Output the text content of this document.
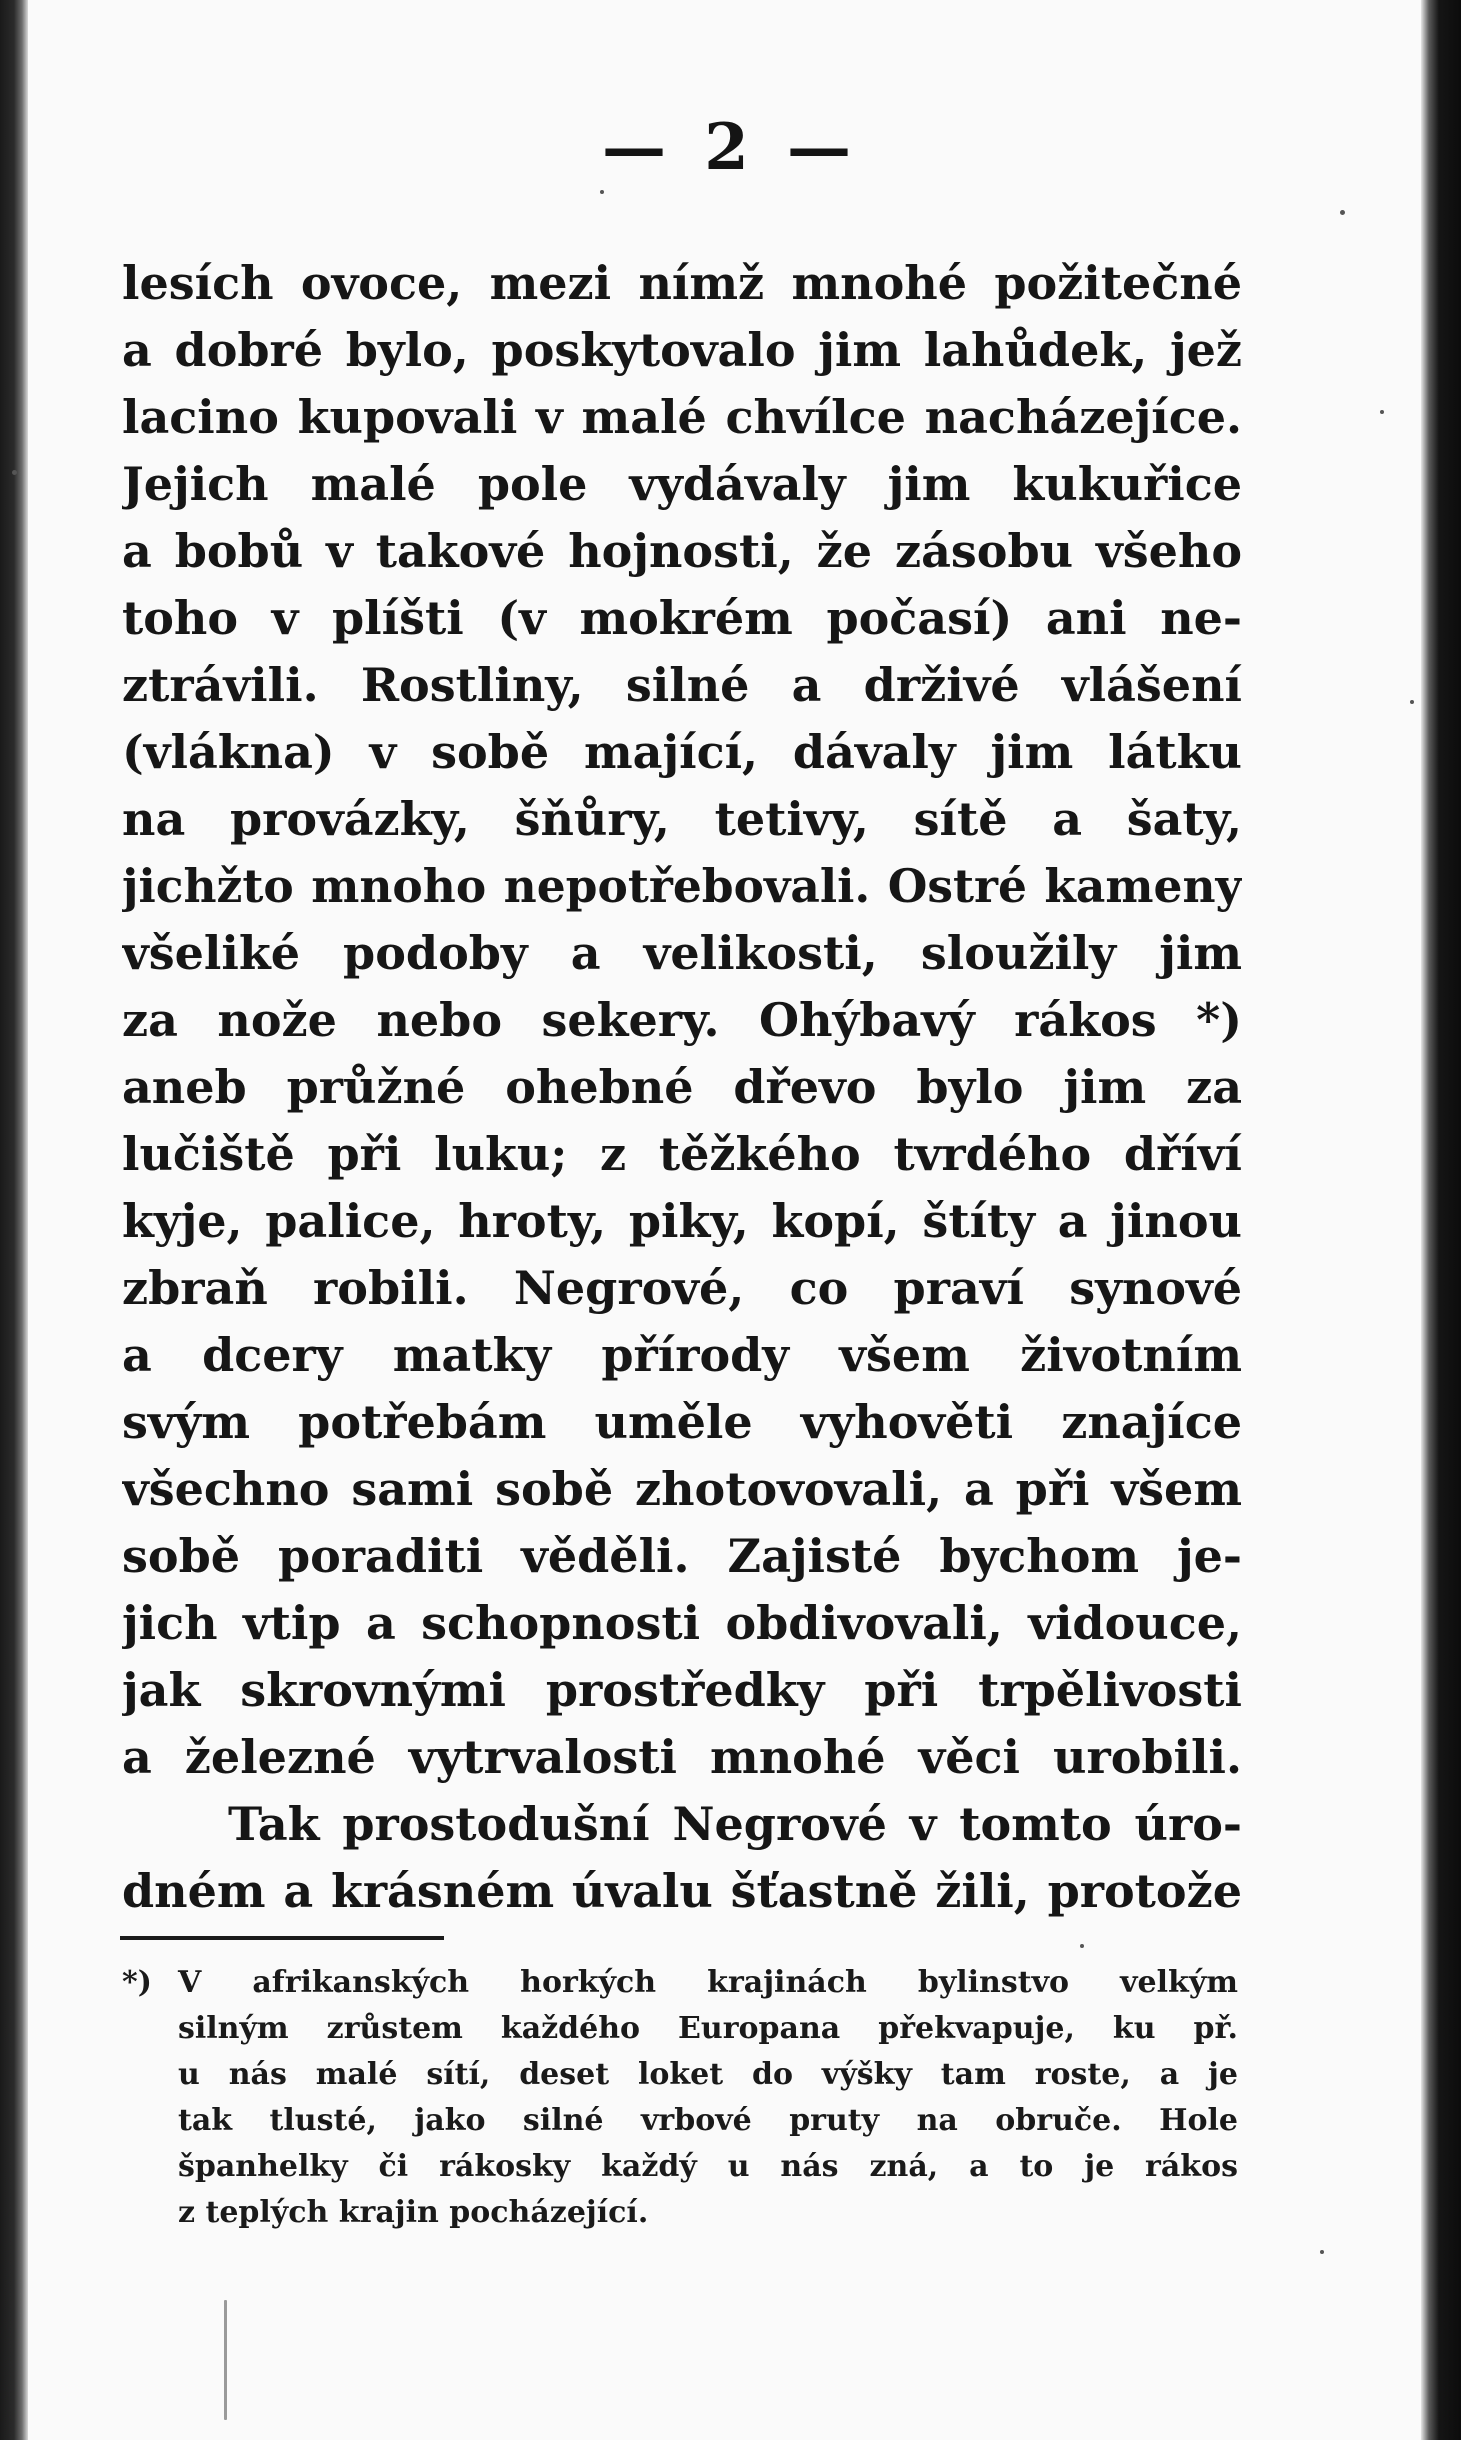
— 2 —
lesích ovoce, mezi nímž mnohé požitečné
a dobré bylo, poskytovalo jim lahůdek, jež
lacino kupovali v malé chvílce nacházejíce.
Jejich malé pole vydávaly jim kukuřice
a bobů v takové hojnosti, že zásobu všeho
toho v plíšti (v mokrém počasí) ani ne-
ztrávili. Rostliny, silné a drživé vlášení
(vlákna) v sobě mající, dávaly jim látku
na provázky, šňůry, tetivy, sítě a šaty,
jichžto mnoho nepotřebovali. Ostré kameny
všeliké podoby a velikosti, sloužily jim
za nože nebo sekery. Ohýbavý rákos *)
aneb průžné ohebné dřevo bylo jim za
lučiště při luku; z těžkého tvrdého dříví
kyje, palice, hroty, piky, kopí, štíty a jinou
zbraň robili. Negrové, co praví synové
a dcery matky přírody všem životním
svým potřebám uměle vyhověti znajíce
všechno sami sobě zhotovovali, a při všem
sobě poraditi věděli. Zajisté bychom je-
jich vtip a schopnosti obdivovali, vidouce,
jak skrovnými prostředky při trpělivosti
a železné vytrvalosti mnohé věci urobili.
Tak prostodušní Negrové v tomto úro-
dném a krásném úvalu šťastně žili, protože
*) V afrikanských horkých krajinách bylinstvo velkým
silným zrůstem každého Europana překvapuje, ku př.
u nás malé sítí, deset loket do výšky tam roste, a je
tak tlusté, jako silné vrbové pruty na obruče. Hole
španhelky či rákosky každý u nás zná, a to je rákos
z teplých krajin pocházející.
